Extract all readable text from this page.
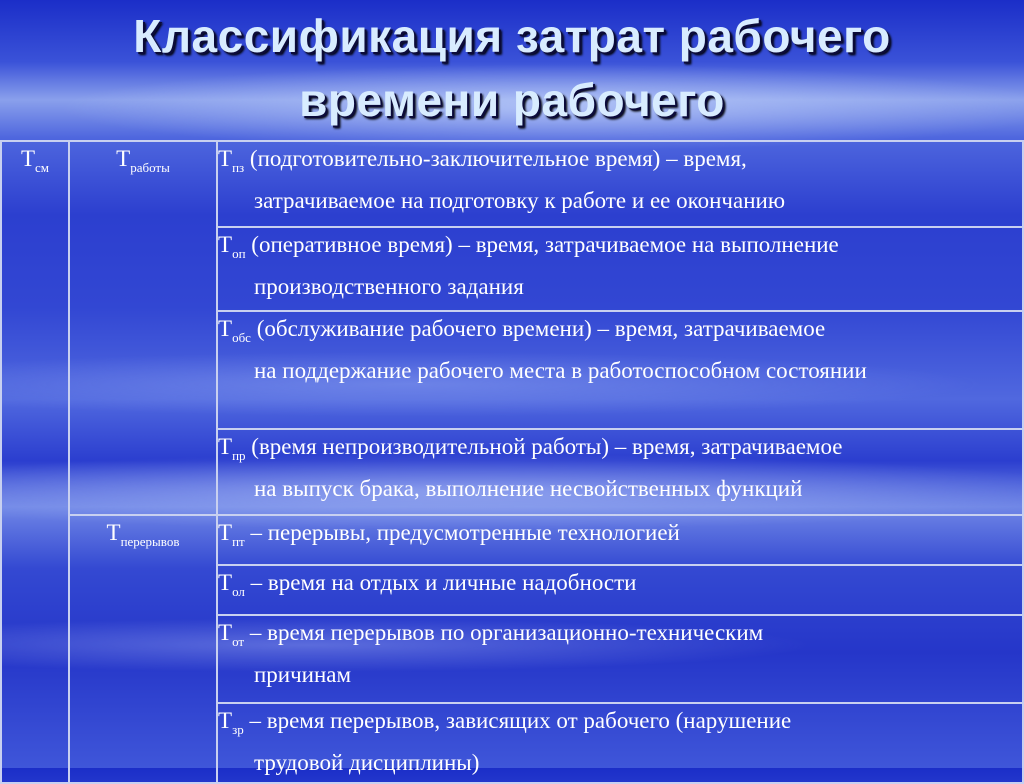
Классификация затрат рабочего
времени рабочего
$Т_{см}$	$Т_{работы}$	$Т_{пз}$ (подготовительно-заключительное время) – время,
затрачиваемое на подготовку к работе и ее окончанию

		$Т_{оп}$ (оперативное время) – время, затрачиваемое на выполнение
производственного задания

		$Т_{обс}$ (обслуживание рабочего времени) – время, затрачиваемое
на поддержание рабочего места в работоспособном состоянии

		$Т_{пр}$ (время непроизводительной работы) – время, затрачиваемое
на выпуск брака, выполнение несвойственных функций

	$Т_{перерывов}$	$Т_{пт}$ – перерывы, предусмотренные технологией
		$Т_{ол}$ – время на отдых и личные надобности
		$Т_{от}$ – время перерывов по организационно-техническим
причинам

		$Т_{зр}$ – время перерывов, зависящих от рабочего (нарушение
трудовой дисциплины)
